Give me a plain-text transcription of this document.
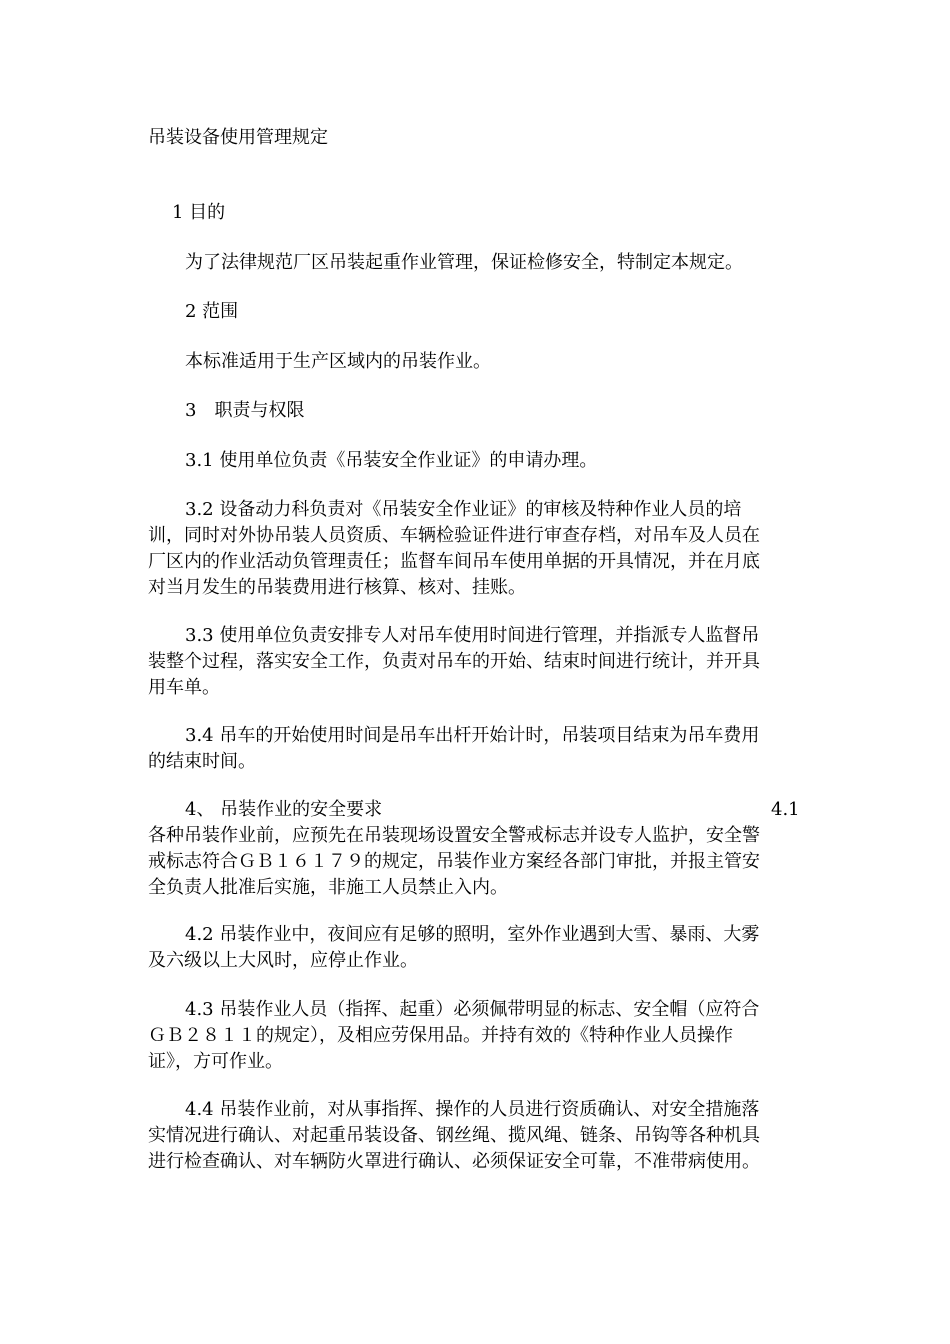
吊装设备使用管理规定
1 目的
为了法律规范厂区吊装起重作业管理，保证检修安全，特制定本规定。
2 范围
本标准适用于生产区域内的吊装作业。
3　职责与权限
3.1 使用单位负责《吊装安全作业证》的申请办理。
3.2 设备动力科负责对《吊装安全作业证》的审核及特种作业人员的培
训，同时对外协吊装人员资质、车辆检验证件进行审查存档，对吊车及人员在
厂区内的作业活动负管理责任；监督车间吊车使用单据的开具情况，并在月底
对当月发生的吊装费用进行核算、核对、挂账。
3.3 使用单位负责安排专人对吊车使用时间进行管理，并指派专人监督吊
装整个过程，落实安全工作，负责对吊车的开始、结束时间进行统计，并开具
用车单。
3.4 吊车的开始使用时间是吊车出杆开始计时，吊装项目结束为吊车费用
的结束时间。
4、 吊装作业的安全要求	4.1
各种吊装作业前，应预先在吊装现场设置安全警戒标志并设专人监护，安全警
戒标志符合ＧＢ１６１７９的规定，吊装作业方案经各部门审批，并报主管安
全负责人批准后实施，非施工人员禁止入内。
4.2 吊装作业中，夜间应有足够的照明，室外作业遇到大雪、暴雨、大雾
及六级以上大风时，应停止作业。
4.3 吊装作业人员（指挥、起重）必须佩带明显的标志、安全帽（应符合
ＧＢ２８１１的规定），及相应劳保用品。并持有效的《特种作业人员操作
证》，方可作业。
4.4 吊装作业前，对从事指挥、操作的人员进行资质确认、对安全措施落
实情况进行确认、对起重吊装设备、钢丝绳、揽风绳、链条、吊钩等各种机具
进行检查确认、对车辆防火罩进行确认、必须保证安全可靠，不准带病使用。
